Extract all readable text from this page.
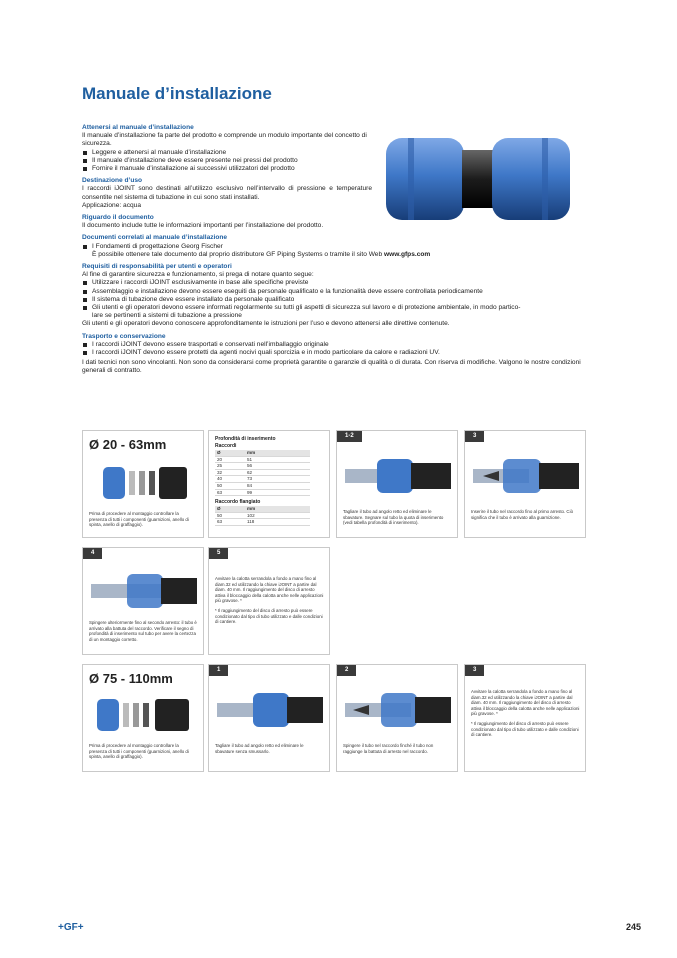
Manuale d’installazione
Attenersi al manuale d’installazione
Il manuale d’installazione fa parte del prodotto e comprende un modulo importante del concetto di sicurezza.
Leggere e attenersi al manuale d’installazione
Il manuale d’installazione deve essere presente nei pressi del prodotto
Fornire il manuale d’installazione ai successivi utilizzatori del prodotto
Destinazione d’uso
I raccordi iJOINT sono destinati all’utilizzo esclusivo nell’intervallo di pressione e temperature consentite nel sistema di tubazione in cui sono stati installati.
Applicazione: acqua
Riguardo il documento
Il documento include tutte le informazioni importanti per l’installazione del prodotto.
Documenti correlati al manuale d’installazione
I Fondamenti di progettazione Georg Fischer
È possibile ottenere tale documento dal proprio distributore GF Piping Systems o tramite il sito Web www.gfps.com
Requisiti di responsabilità per utenti e operatori
Al fine di garantire sicurezza e funzionamento, si prega di notare quanto segue:
Utilizzare i raccordi iJOINT esclusivamente in base alle specifiche previste
Assemblaggio e installazione devono essere eseguiti da personale qualificato e la funzionalità deve essere controllata periodicamente
Il sistema di tubazione deve essere installato da personale qualificato
Gli utenti e gli operatori devono essere informati regolarmente su tutti gli aspetti di sicurezza sul lavoro e di protezione ambientale, in modo partico-
lare se pertinenti a sistemi di tubazione a pressione
Gli utenti e gli operatori devono conoscere approfonditamente le istruzioni per l’uso e devono attenersi alle direttive contenute.
Trasporto e conservazione
I raccordi iJOINT devono essere trasportati e conservati nell’imballaggio originale
I raccordi iJOINT devono essere protetti da agenti nocivi quali sporcizia e in modo particolare da calore e radiazioni UV.
I dati tecnici non sono vincolanti. Non sono da considerarsi come proprietà garantite o garanzie di qualità o di durata. Con riserva di modifiche. Valgono le nostre condizioni generali di contratto.
Ø 20 - 63mm
Prima di procedere al montaggio controllare la presenza di tutti i componenti (guarnizioni, anello di spinta, anello di graffaggio).
Profondità di inserimento
Raccordi
Ø	mm
20	51
25	56
32	62
40	73
50	84
63	99
Raccordo flangiato
Ø	mm
50	102
63	118
1-2
Tagliare il tubo ad angolo retto ed eliminare le sbavature. Segnare sul tubo la quota di inserimento (vedi tabella profondità di inserimento).
3
Inserire il tubo nel raccordo fino al primo arresto. Ciò significa che il tubo è arrivato alla guarnizione.
4
Spingere ulteriormente fino al secondo arresto: il tubo è arrivato alla battuta del raccordo. Verificare il segno di profondità di inserimento sul tubo per avere la certezza di un montaggio corretto.
5
Avvitare la calotta serrandola a fondo a mano fino al diam.32 ed utilizzando la chiave iJOINT a partire dal diam. 40 mm. Il raggiungimento del disco di arresto attiva il bloccaggio della calotta anche nelle applicazioni più gravose. *
* Il raggiungimento del disco di arresto può essere condizionato dal tipo di tubo utilizzato e dalle condizioni di cantiere.
Ø 75 - 110mm
Prima di procedere al montaggio controllare la presenza di tutti i componenti (guarnizioni, anello di spinta, anello di graffaggio).
1
Tagliare il tubo ad angolo retto ed eliminare le sbavature senza smussarlo.
2
Spingere il tubo nel raccordo finché il tubo non raggiunge la battuta di arresto nel raccordo.
3
Avvitare la calotta serrandola a fondo a mano fino al diam.32 ed utilizzando la chiave iJOINT a partire dal diam. 40 mm. Il raggiungimento del disco di arresto attiva il bloccaggio della calotta anche nelle applicazioni più gravose. *
* Il raggiungimento del disco di arresto può essere condizionato dal tipo di tubo utilizzato e dalle condizioni di cantiere.
+GF+	245
